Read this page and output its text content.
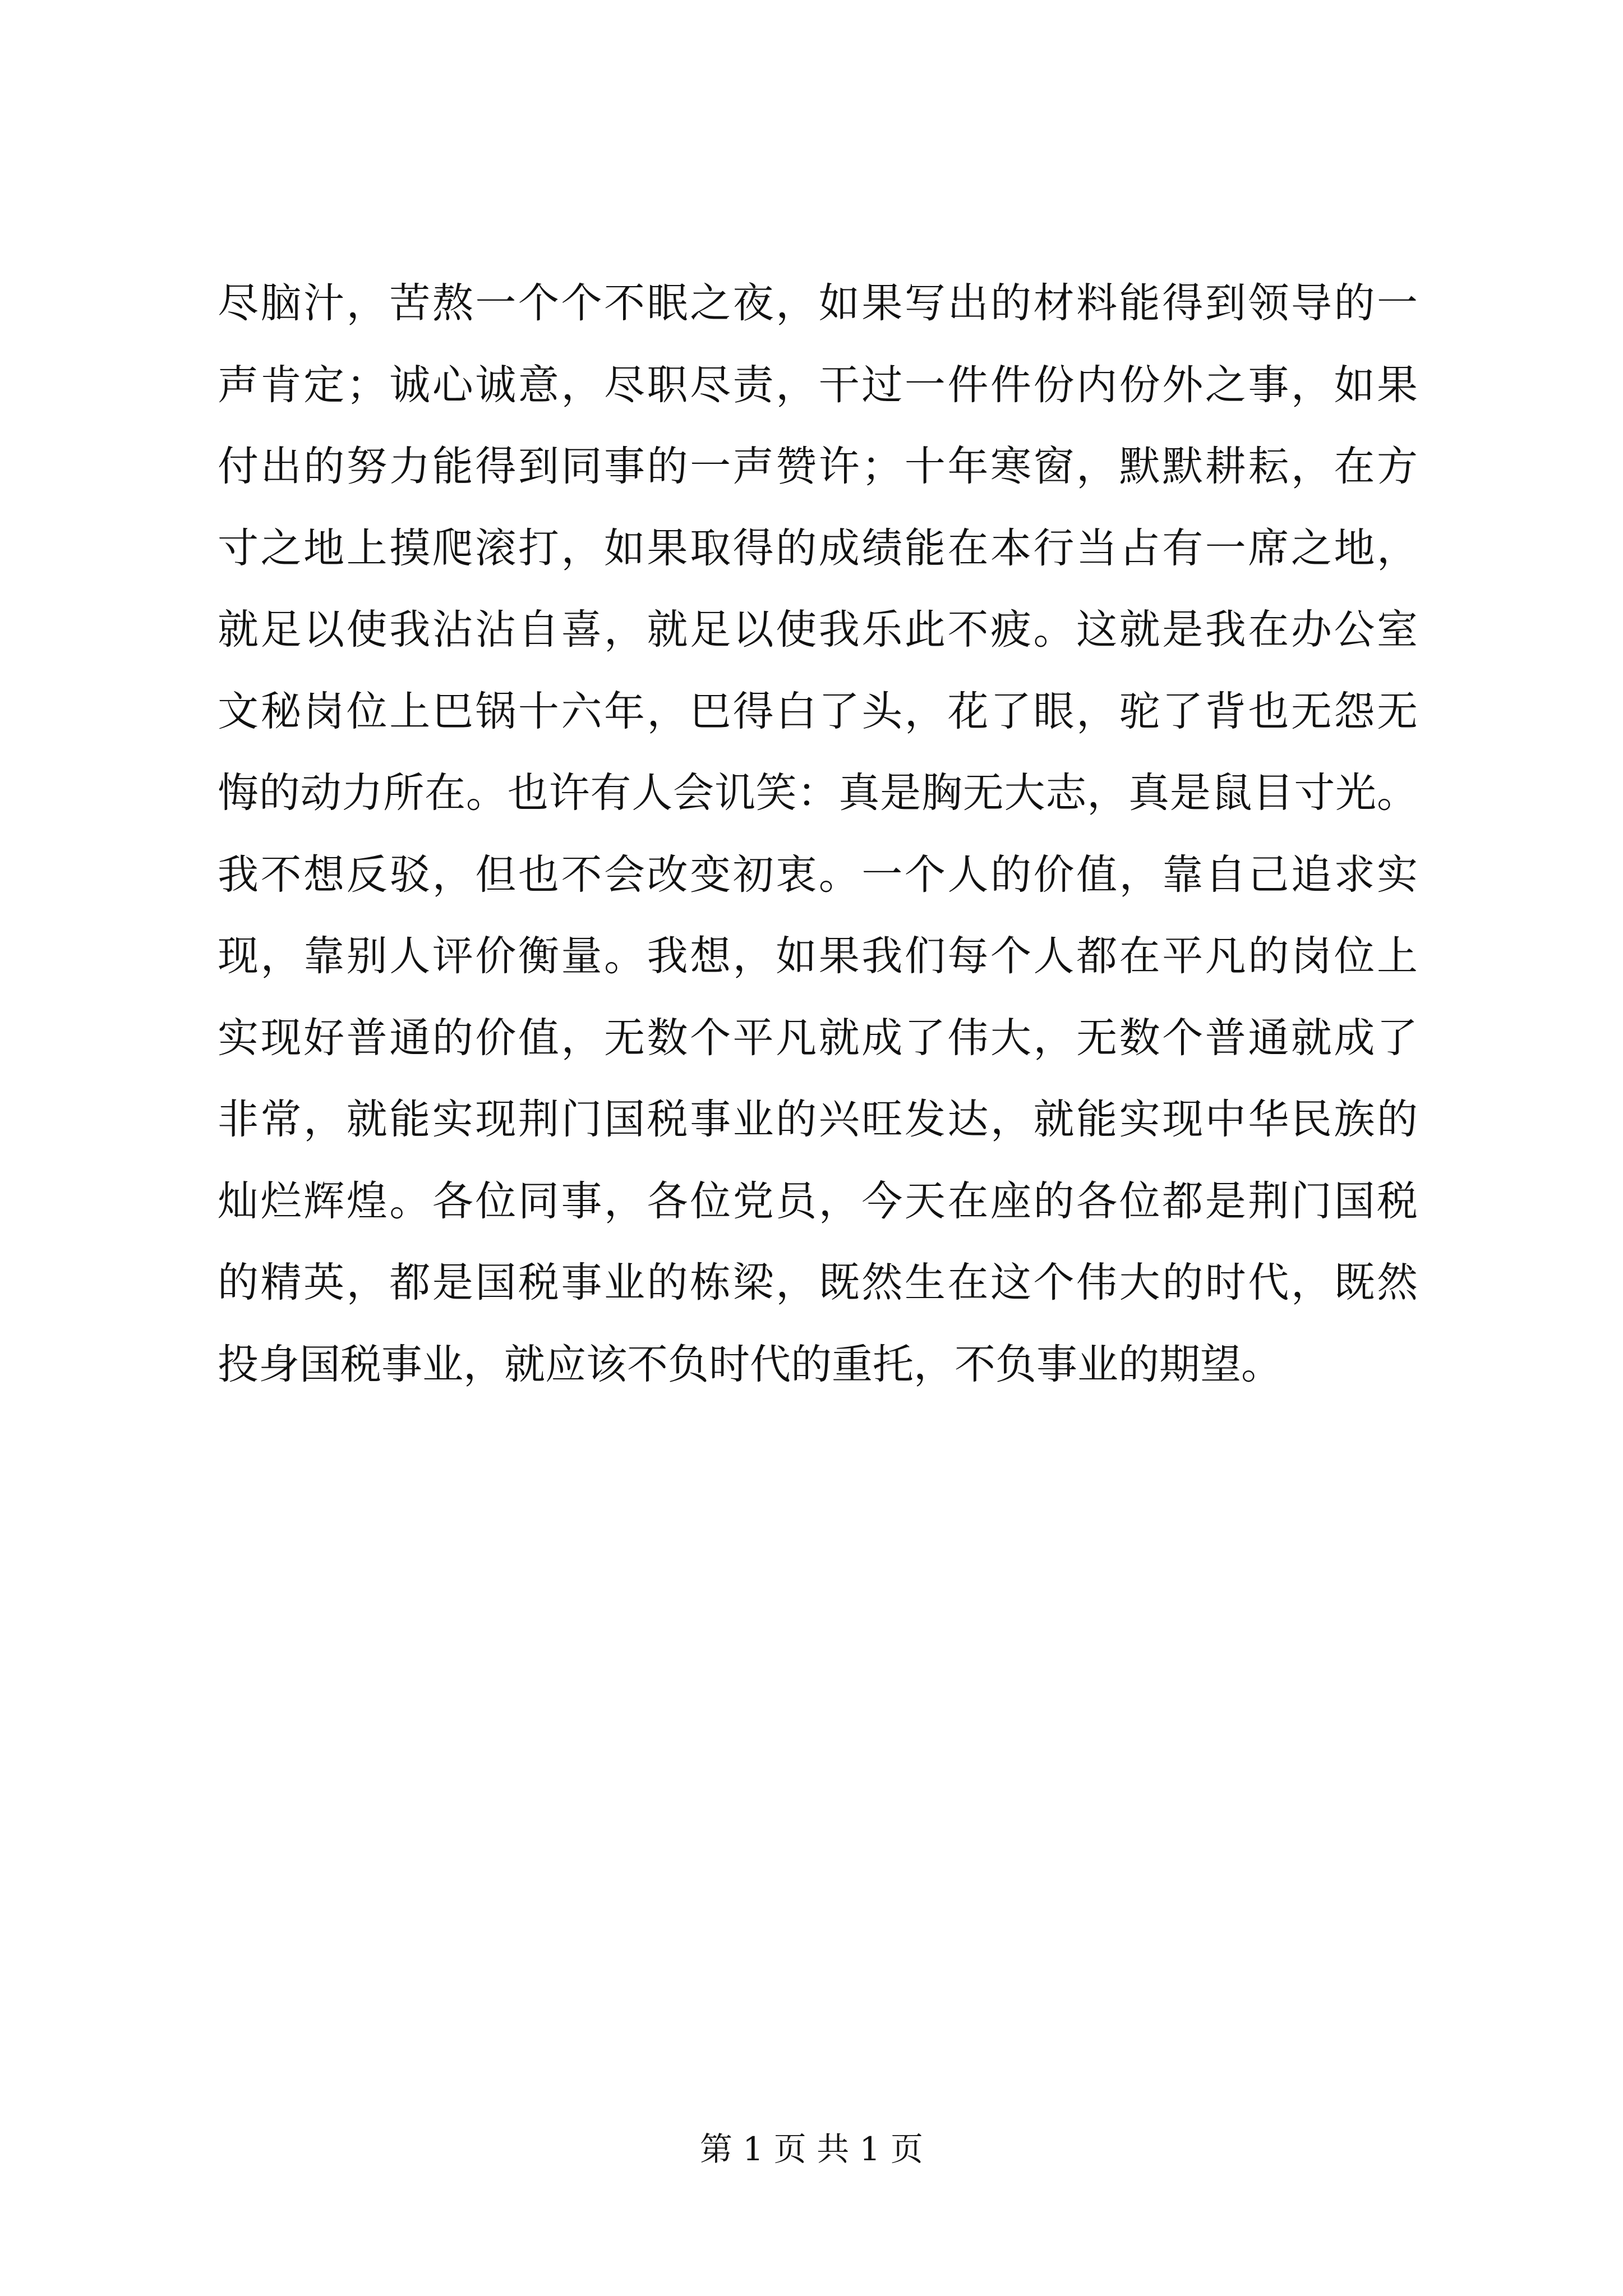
尽脑汁，苦熬一个个不眠之夜，如果写出的材料能得到领导的一
声肯定；诚心诚意，尽职尽责，干过一件件份内份外之事，如果
付出的努力能得到同事的一声赞许；十年寒窗，默默耕耘，在方
寸之地上摸爬滚打，如果取得的成绩能在本行当占有一席之地，
就足以使我沾沾自喜，就足以使我乐此不疲。这就是我在办公室
文秘岗位上巴锅十六年，巴得白了头，花了眼，驼了背也无怨无
悔的动力所在。也许有人会讥笑：真是胸无大志，真是鼠目寸光。
我不想反驳，但也不会改变初衷。一个人的价值，靠自己追求实
现，靠别人评价衡量。我想，如果我们每个人都在平凡的岗位上
实现好普通的价值，无数个平凡就成了伟大，无数个普通就成了
非常，就能实现荆门国税事业的兴旺发达，就能实现中华民族的
灿烂辉煌。各位同事，各位党员，今天在座的各位都是荆门国税
的精英，都是国税事业的栋梁，既然生在这个伟大的时代，既然
投身国税事业，就应该不负时代的重托，不负事业的期望。
第 1 页 共 1 页
